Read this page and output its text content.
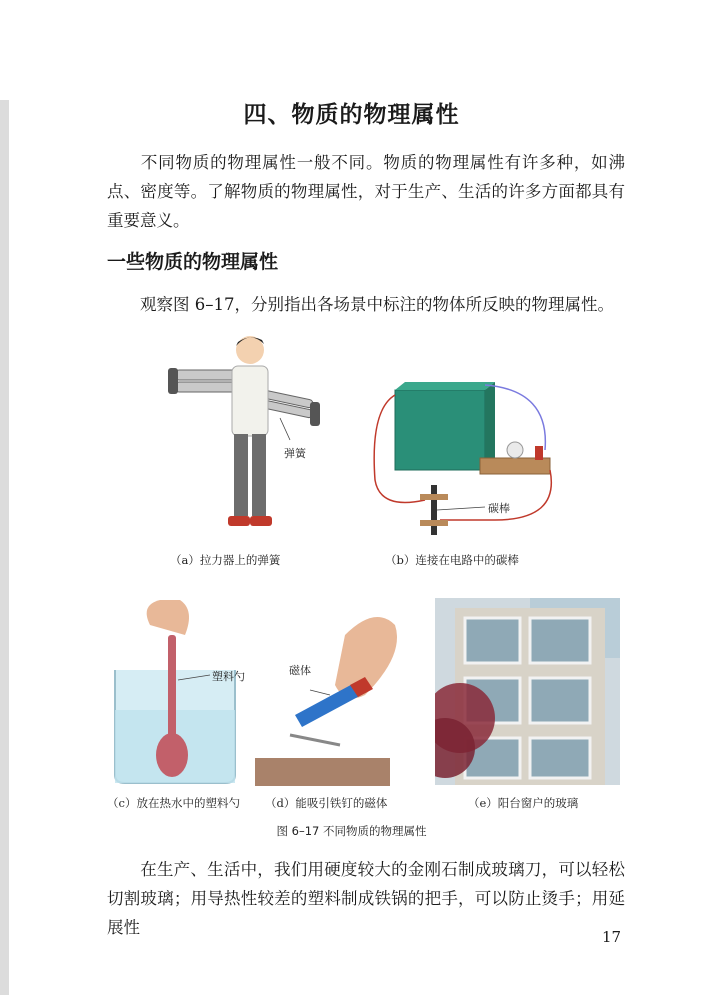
四、物质的物理属性
不同物质的物理属性一般不同。物质的物理属性有许多种，如沸点、密度等。了解物质的物理属性，对于生产、生活的许多方面都具有重要意义。
一些物质的物理属性
观察图 6–17，分别指出各场景中标注的物体所反映的物理属性。
弹簧
（a）拉力器上的弹簧
碳棒
（b）连接在电路中的碳棒
塑料勺
（c）放在热水中的塑料勺
磁体
（d）能吸引铁钉的磁体	（e）阳台窗户的玻璃
图 6–17 不同物质的物理属性
在生产、生活中，我们用硬度较大的金刚石制成玻璃刀，可以轻松切割玻璃；用导热性较差的塑料制成铁锅的把手，可以防止烫手；用延展性	17
